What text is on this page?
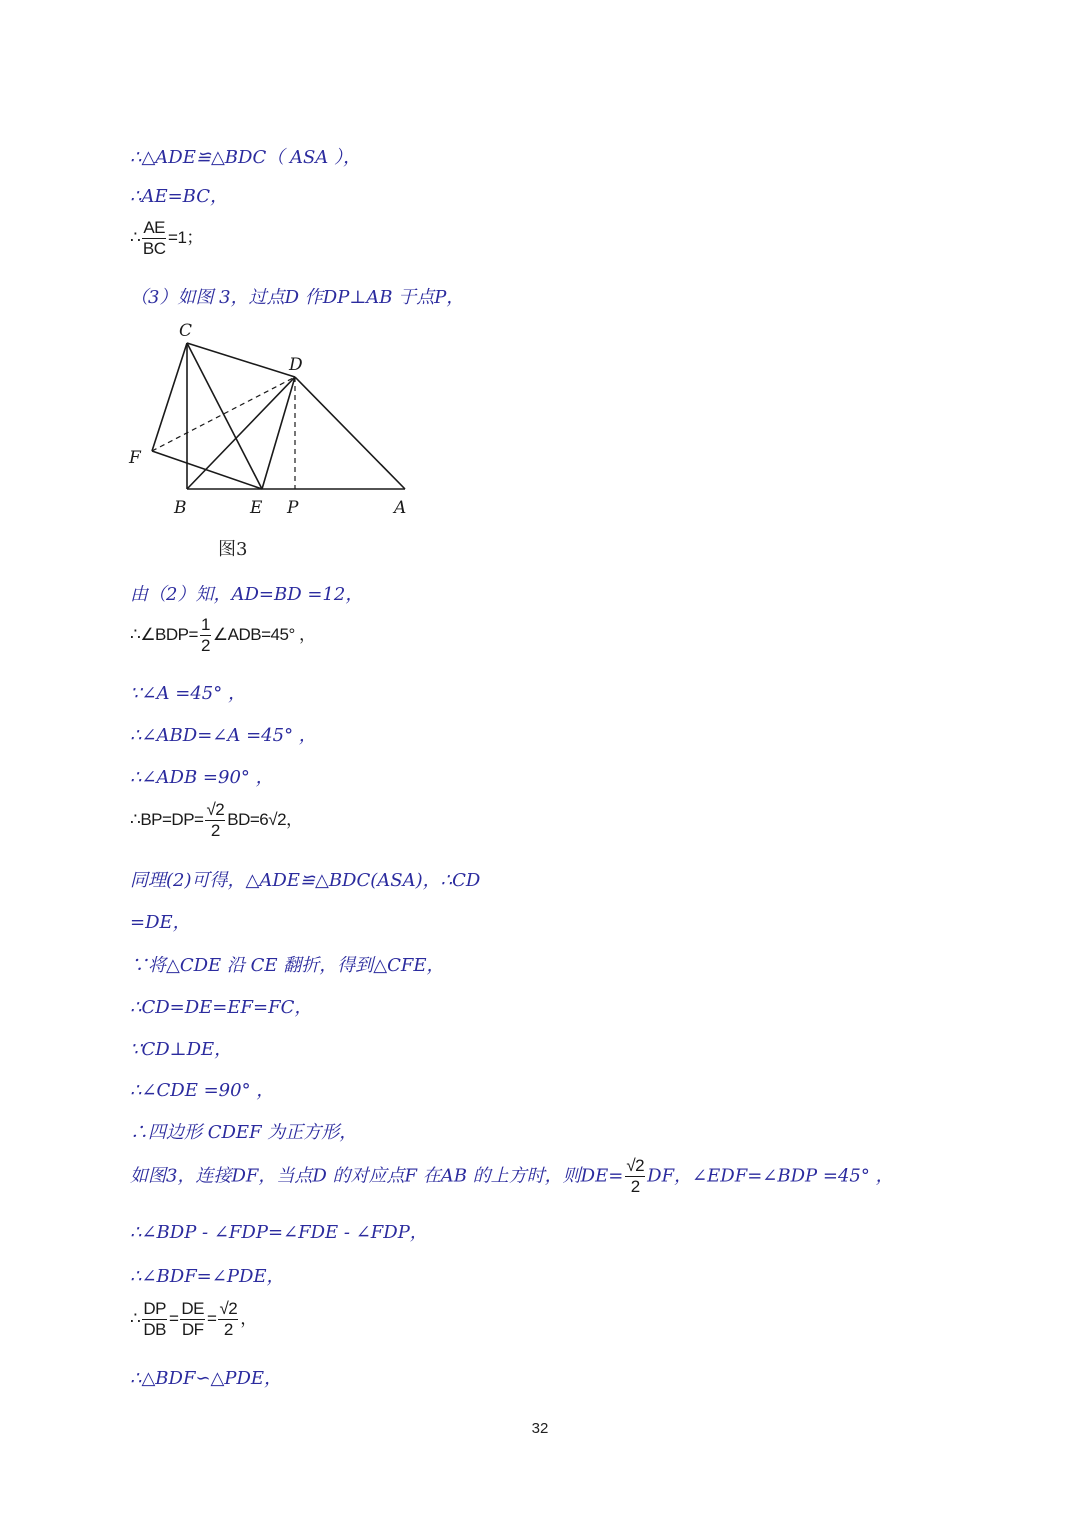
∴△ADE≌△BDC（ ASA ），
∴AE=BC，
∴ $\frac{AE}{BC} =1$；
（3）如图 3，过点D 作DP⊥AB 于点P，
C
D
F
B	E P	A
图3
由（2）知，AD=BD =12，
∴∠BDP= $\frac{1}{2}$ ∠ADB=45° ，
∵∠A =45° ，
∴∠ABD=∠A =45° ，
∴∠ADB =90° ，
∴BP=DP= $\frac{√2}{2} BD=6√2$，
同理(2)可得，△ADE≌△BDC(ASA)，∴CD
=DE，
∵将△CDE 沿 CE 翻折，得到△CFE，
∴CD=DE=EF=FC，
∵CD⊥DE，
∴∠CDE =90° ，
∴四边形 CDEF 为正方形，
如图3，连接DF，当点D 的对应点F 在AB 的上方时，则$DE= \frac{√2}{2}$ DF，∠EDF=∠BDP =45° ，
∴∠BDP - ∠FDP=∠FDE - ∠FDP，
∴∠BDF=∠PDE，
∴ $\frac{DP}{DB} = \frac{DE}{DF} = \frac{√2}{2}$ ，
∴△BDF∽△PDE，
32
